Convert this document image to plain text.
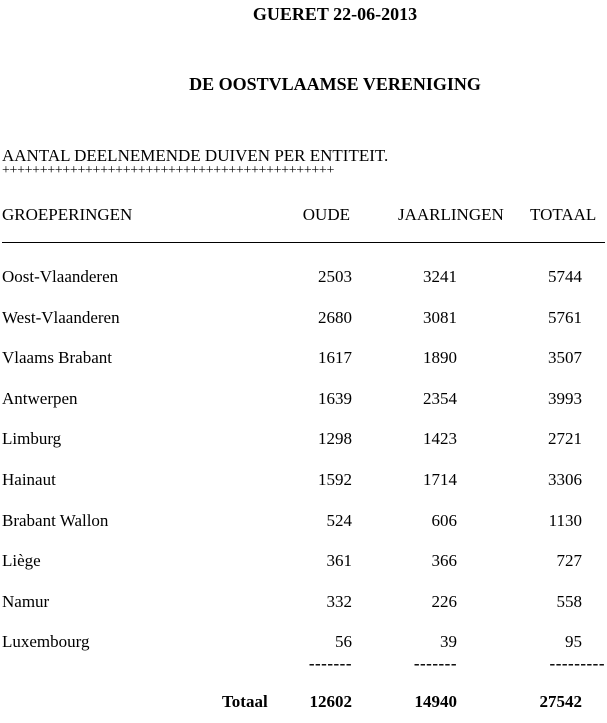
GUERET 22-06-2013
DE OOSTVLAAMSE VERENIGING
AANTAL DEELNEMENDE DUIVEN PER ENTITEIT.
++++++++++++++++++++++++++++++++++++++++++++
GROEPERINGEN	OUDE	JAARLINGEN TOTAAL
Oost-Vlaanderen	2503	3241	5744
West-Vlaanderen	2680	3081	5761
Vlaams Brabant	1617	1890	3507
Antwerpen	1639	2354	3993
Limburg	1298	1423	2721
Hainaut	1592	1714	3306
Brabant Wallon	524	606	1130
Liège	361	366	727
Namur	332	226	558
Luxembourg	56	39	95
-------	-------	---------
Totaal	12602	14940	27542
